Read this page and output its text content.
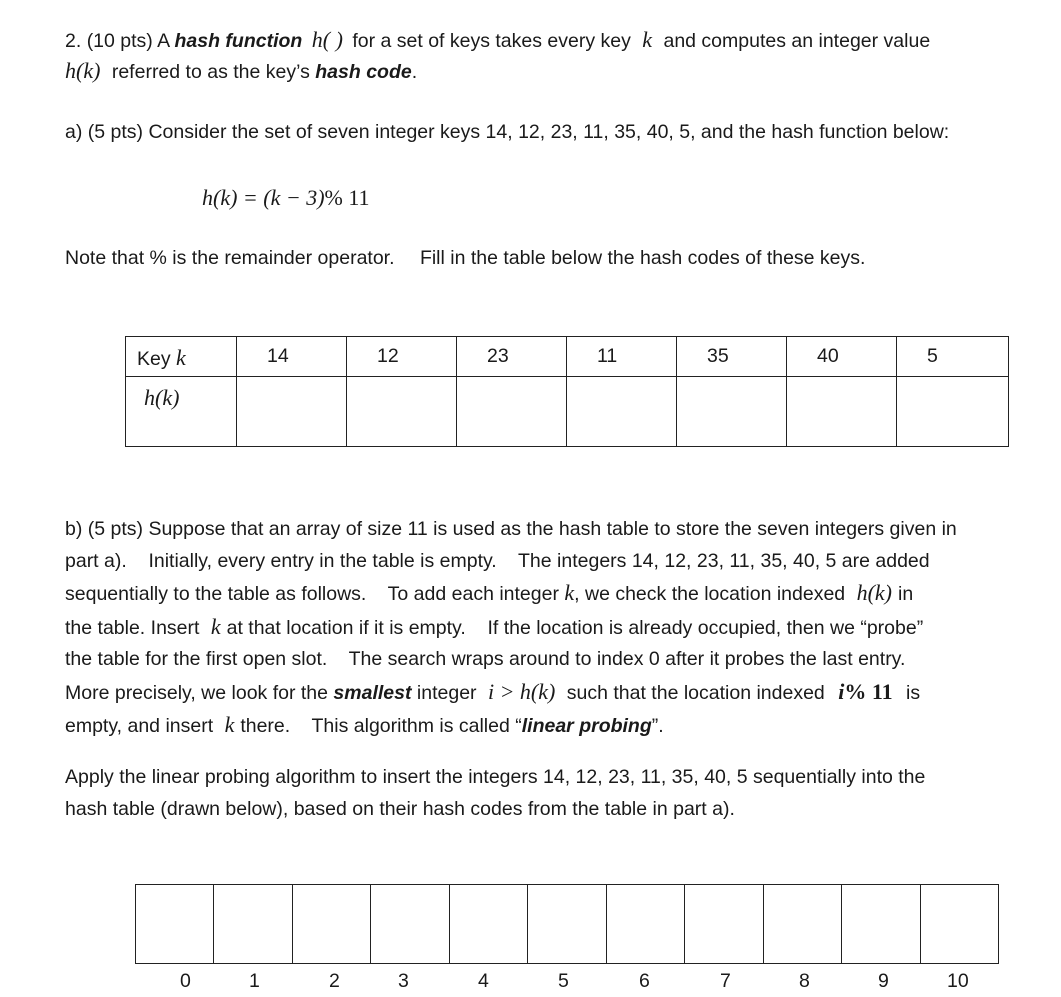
2. (10 pts) A hash function h( ) for a set of keys takes every key k and computes an integer value
h(k) referred to as the key’s hash code.
a) (5 pts) Consider the set of seven integer keys 14, 12, 23, 11, 35, 40, 5, and the hash function below:
h(k) = (k − 3)% 11
Note that % is the remainder operator. Fill in the table below the hash codes of these keys.
Key k	14	12	23	11	35	40	5

h(k)							

b) (5 pts) Suppose that an array of size 11 is used as the hash table to store the seven integers given in
part a).    Initially, every entry in the table is empty.    The integers 14, 12, 23, 11, 35, 40, 5 are added
sequentially to the table as follows.    To add each integer k, we check the location indexed h(k) in
the table. Insert k at that location if it is empty.    If the location is already occupied, then we “probe”
the table for the first open slot.    The search wraps around to index 0 after it probes the last entry.
More precisely, we look for the smallest integer i > h(k) such that the location indexed i% 11 is
empty, and insert k there.    This algorithm is called “linear probing”.
Apply the linear probing algorithm to insert the integers 14, 12, 23, 11, 35, 40, 5 sequentially into the
hash table (drawn below), based on their hash codes from the table in part a).
0	1	2	3	4	5	6	7	8	9	10
